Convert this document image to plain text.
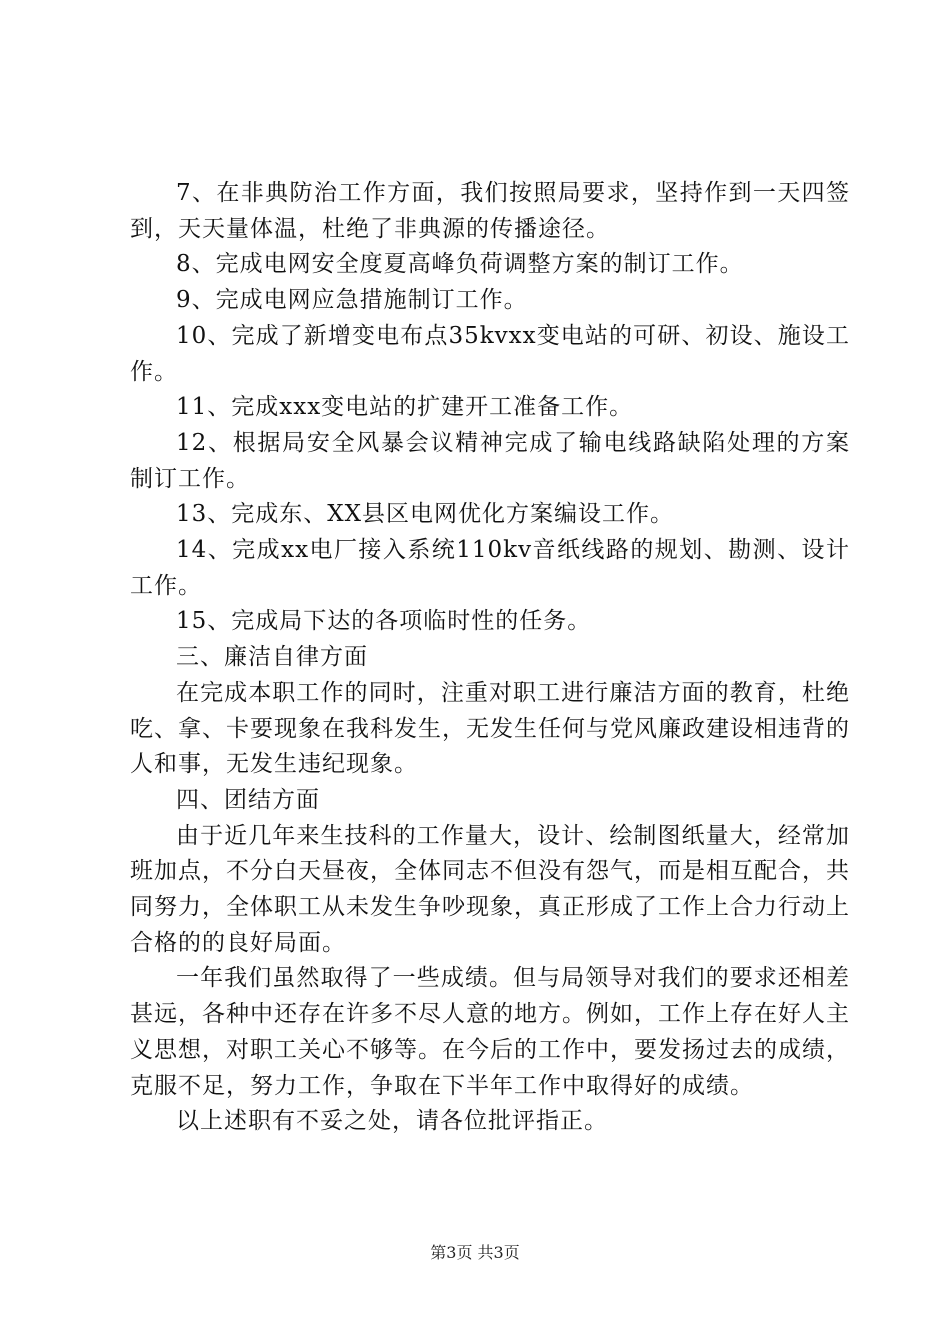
7、在非典防治工作方面，我们按照局要求，坚持作到一天四签到，天天量体温，杜绝了非典源的传播途径。

8、完成电网安全度夏高峰负荷调整方案的制订工作。

9、完成电网应急措施制订工作。

10、完成了新增变电布点35kvxx变电站的可研、初设、施设工作。

11、完成xxx变电站的扩建开工准备工作。

12、根据局安全风暴会议精神完成了输电线路缺陷处理的方案制订工作。

13、完成东、XX县区电网优化方案编设工作。

14、完成xx电厂接入系统110kv音纸线路的规划、勘测、设计工作。

15、完成局下达的各项临时性的任务。

三、廉洁自律方面

在完成本职工作的同时，注重对职工进行廉洁方面的教育，杜绝吃、拿、卡要现象在我科发生，无发生任何与党风廉政建设相违背的人和事，无发生违纪现象。

四、团结方面

由于近几年来生技科的工作量大，设计、绘制图纸量大，经常加班加点，不分白天昼夜，全体同志不但没有怨气，而是相互配合，共同努力，全体职工从未发生争吵现象，真正形成了工作上合力行动上合格的的良好局面。

一年我们虽然取得了一些成绩。但与局领导对我们的要求还相差甚远，各种中还存在许多不尽人意的地方。例如，工作上存在好人主义思想，对职工关心不够等。在今后的工作中，要发扬过去的成绩，克服不足，努力工作，争取在下半年工作中取得好的成绩。

以上述职有不妥之处，请各位批评指正。

第3页 共3页
